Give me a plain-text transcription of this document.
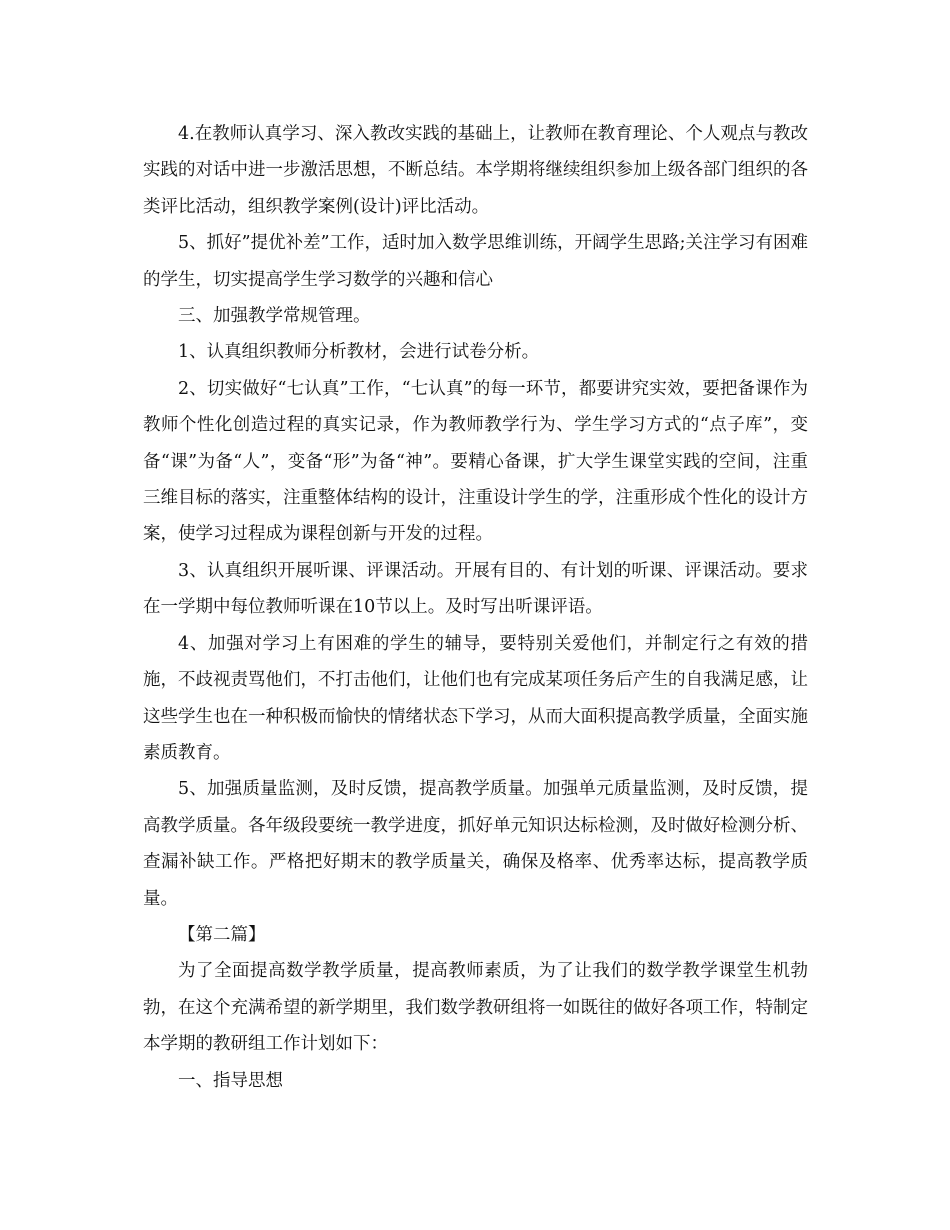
4.在教师认真学习、深入教改实践的基础上，让教师在教育理论、个人观点与教改实践的对话中进一步激活思想，不断总结。本学期将继续组织参加上级各部门组织的各类评比活动，组织教学案例(设计)评比活动。

5、抓好”提优补差”工作，适时加入数学思维训练，开阔学生思路;关注学习有困难的学生，切实提高学生学习数学的兴趣和信心

三、加强教学常规管理。

1、认真组织教师分析教材，会进行试卷分析。

2、切实做好“七认真”工作，“七认真”的每一环节，都要讲究实效，要把备课作为教师个性化创造过程的真实记录，作为教师教学行为、学生学习方式的“点子库”，变备“课”为备“人”，变备“形”为备“神”。要精心备课，扩大学生课堂实践的空间，注重三维目标的落实，注重整体结构的设计，注重设计学生的学，注重形成个性化的设计方案，使学习过程成为课程创新与开发的过程。

3、认真组织开展听课、评课活动。开展有目的、有计划的听课、评课活动。要求在一学期中每位教师听课在10节以上。及时写出听课评语。

4、加强对学习上有困难的学生的辅导，要特别关爱他们，并制定行之有效的措施，不歧视责骂他们，不打击他们，让他们也有完成某项任务后产生的自我满足感，让这些学生也在一种积极而愉快的情绪状态下学习，从而大面积提高教学质量，全面实施素质教育。

5、加强质量监测，及时反馈，提高教学质量。加强单元质量监测，及时反馈，提高教学质量。各年级段要统一教学进度，抓好单元知识达标检测，及时做好检测分析、查漏补缺工作。严格把好期末的教学质量关，确保及格率、优秀率达标，提高教学质量。

【第二篇】

为了全面提高数学教学质量，提高教师素质，为了让我们的数学教学课堂生机勃勃，在这个充满希望的新学期里，我们数学教研组将一如既往的做好各项工作，特制定本学期的教研组工作计划如下：

一、指导思想
